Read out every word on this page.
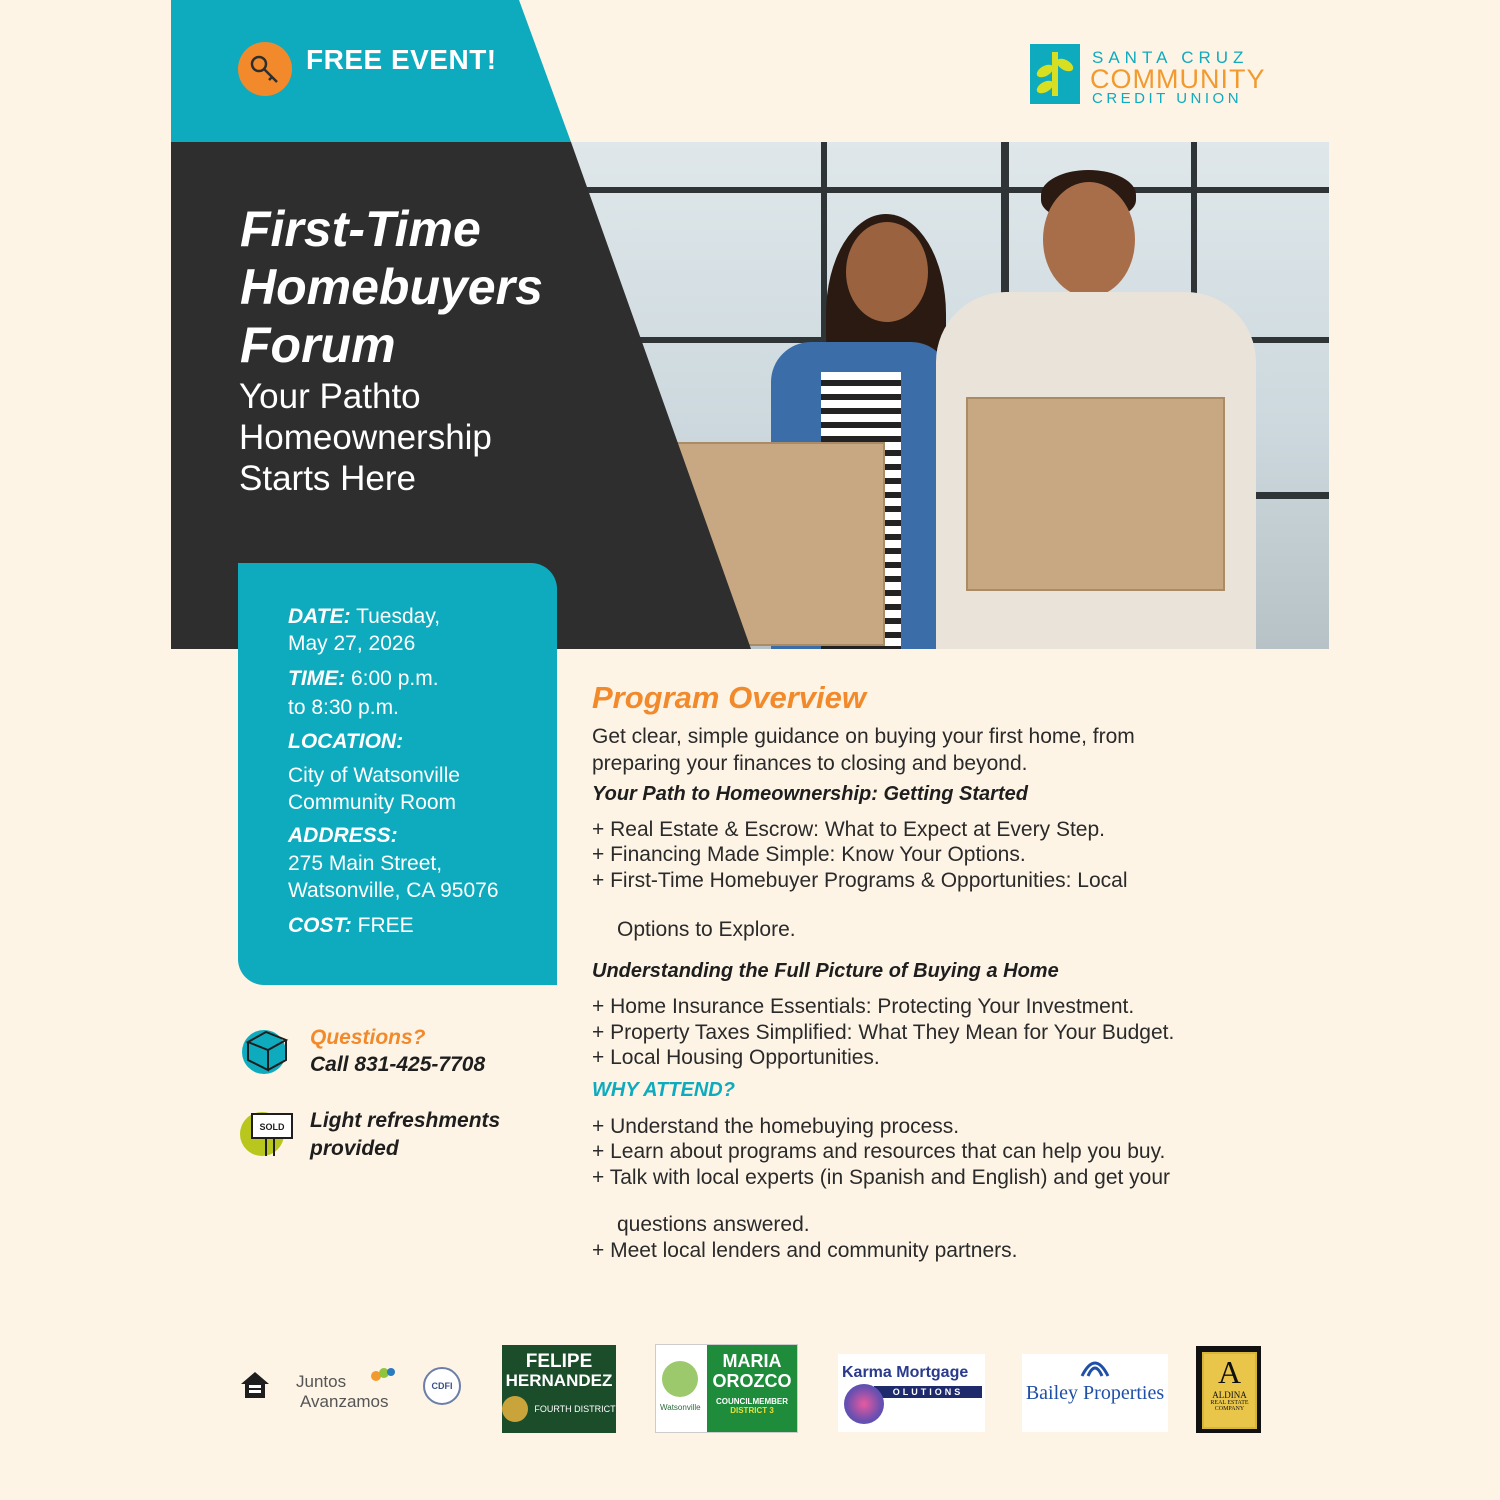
FREE EVENT!
First-Time
Homebuyers
Forum
Your Pathto
Homeownership
Starts Here
SANTA CRUZ
COMMUNITY
CREDIT UNION
DATE: Tuesday,
May 27, 2026
TIME: 6:00 p.m.
to 8:30 p.m.
LOCATION:
City of Watsonville
Community Room
ADDRESS:
275 Main Street,
Watsonville, CA 95076
COST: FREE
Questions?
Call 831-425-7708
SOLD Light refreshments provided
Program Overview
Get clear, simple guidance on buying your first home, from
preparing your finances to closing and beyond.
Your Path to Homeownership: Getting Started
+ Real Estate & Escrow: What to Expect at Every Step.
+ Financing Made Simple: Know Your Options.
+ First-Time Homebuyer Programs & Opportunities: Local
Options to Explore.
Understanding the Full Picture of Buying a Home
+ Home Insurance Essentials: Protecting Your Investment.
+ Property Taxes Simplified: What They Mean for Your Budget.
+ Local Housing Opportunities.
WHY ATTEND?
+ Understand the homebuying process.
+ Learn about programs and resources that can help you buy.
+ Talk with local experts (in Spanish and English) and get your
questions answered.
+ Meet local lenders and community partners.
Juntos
Avanzamos
CDFI
FELIPE
HERNANDEZ
FOURTH DISTRICT	Watsonville
MARIA
OROZCO
COUNCILMEMBER
DISTRICT 3
Karma Mortgage
OLUTIONS	Bailey Properties
A
ALDINA
REAL ESTATE
COMPANY
